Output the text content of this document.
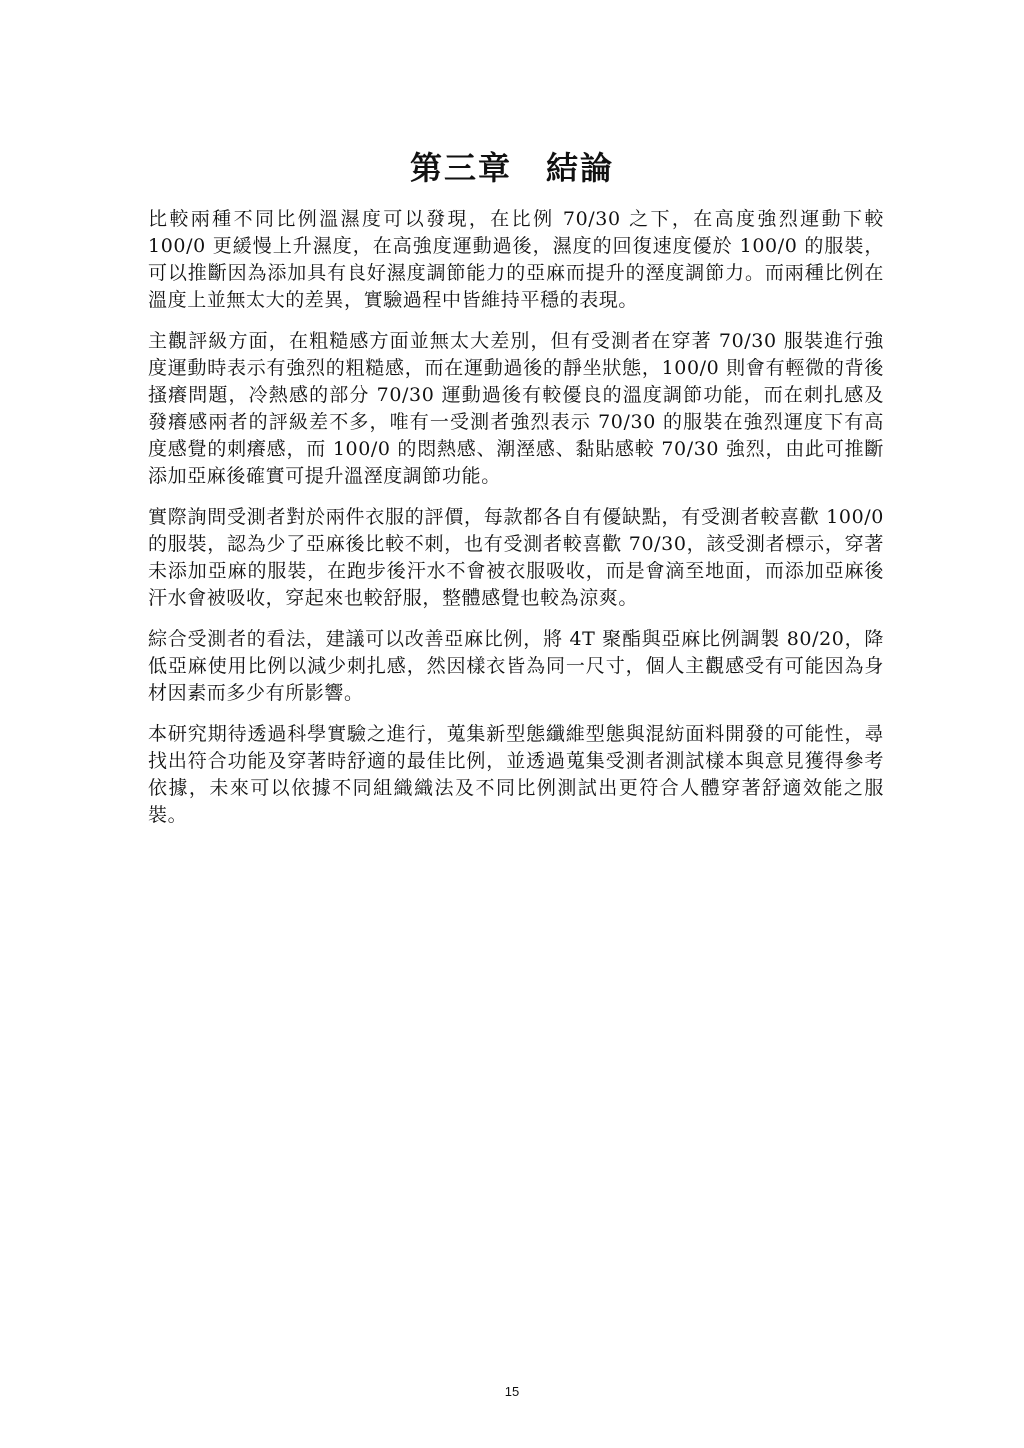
第三章 結論

比較兩種不同比例溫濕度可以發現，在比例 70/30 之下，在高度強烈運動下較 100/0 更緩慢上升濕度，在高強度運動過後，濕度的回復速度優於 100/0 的服裝，可以推斷因為添加具有良好濕度調節能力的亞麻而提升的溼度調節力。而兩種比例在溫度上並無太大的差異，實驗過程中皆維持平穩的表現。

主觀評級方面，在粗糙感方面並無太大差別，但有受測者在穿著 70/30 服裝進行強度運動時表示有強烈的粗糙感，而在運動過後的靜坐狀態，100/0 則會有輕微的背後搔癢問題，冷熱感的部分 70/30 運動過後有較優良的溫度調節功能，而在刺扎感及發癢感兩者的評級差不多，唯有一受測者強烈表示 70/30 的服裝在強烈運度下有高度感覺的刺癢感，而 100/0 的悶熱感、潮溼感、黏貼感較 70/30 強烈，由此可推斷添加亞麻後確實可提升溫溼度調節功能。

實際詢問受測者對於兩件衣服的評價，每款都各自有優缺點，有受測者較喜歡 100/0 的服裝，認為少了亞麻後比較不刺，也有受測者較喜歡 70/30，該受測者標示，穿著未添加亞麻的服裝，在跑步後汗水不會被衣服吸收，而是會滴至地面，而添加亞麻後汗水會被吸收，穿起來也較舒服，整體感覺也較為涼爽。

綜合受測者的看法，建議可以改善亞麻比例，將 4T 聚酯與亞麻比例調製 80/20，降低亞麻使用比例以減少刺扎感，然因樣衣皆為同一尺寸，個人主觀感受有可能因為身材因素而多少有所影響。

本研究期待透過科學實驗之進行，蒐集新型態纖維型態與混紡面料開發的可能性，尋找出符合功能及穿著時舒適的最佳比例，並透過蒐集受測者測試樣本與意見獲得參考依據，未來可以依據不同組織織法及不同比例測試出更符合人體穿著舒適效能之服裝。

15
